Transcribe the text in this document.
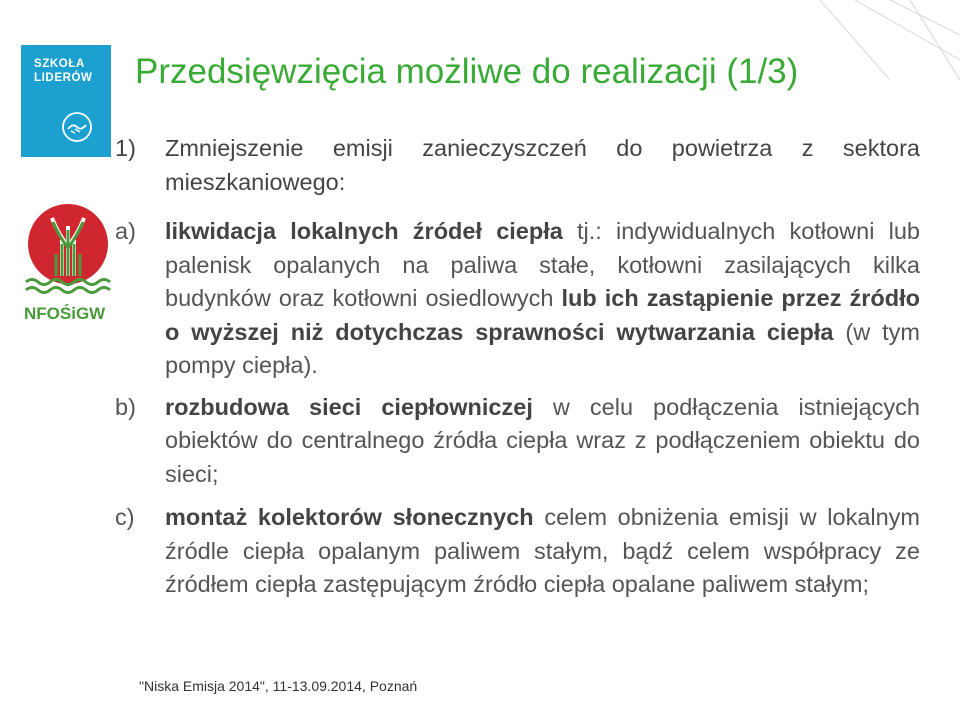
SZKOŁA
LIDERÓW
NFOŚiGW
Przedsięwzięcia możliwe do realizacji (1/3)
1)	Zmniejszenie emisji zanieczyszczeń do powietrza z sektora mieszkaniowego:
a)	likwidacja lokalnych źródeł ciepła tj.: indywidualnych kotłowni lub palenisk opalanych na paliwa stałe, kotłowni zasilających kilka budynków oraz kotłowni osiedlowych lub ich zastąpienie przez źródło o wyższej niż dotychczas sprawności wytwarzania ciepła (w tym pompy ciepła).
b)	rozbudowa sieci ciepłowniczej w celu podłączenia istniejących obiektów do centralnego źródła ciepła wraz z podłączeniem obiektu do sieci;
c)	montaż kolektorów słonecznych celem obniżenia emisji w lokalnym źródle ciepła opalanym paliwem stałym, bądź celem współpracy ze źródłem ciepła zastępującym źródło ciepła opalane paliwem stałym;
"Niska Emisja 2014", 11-13.09.2014, Poznań
